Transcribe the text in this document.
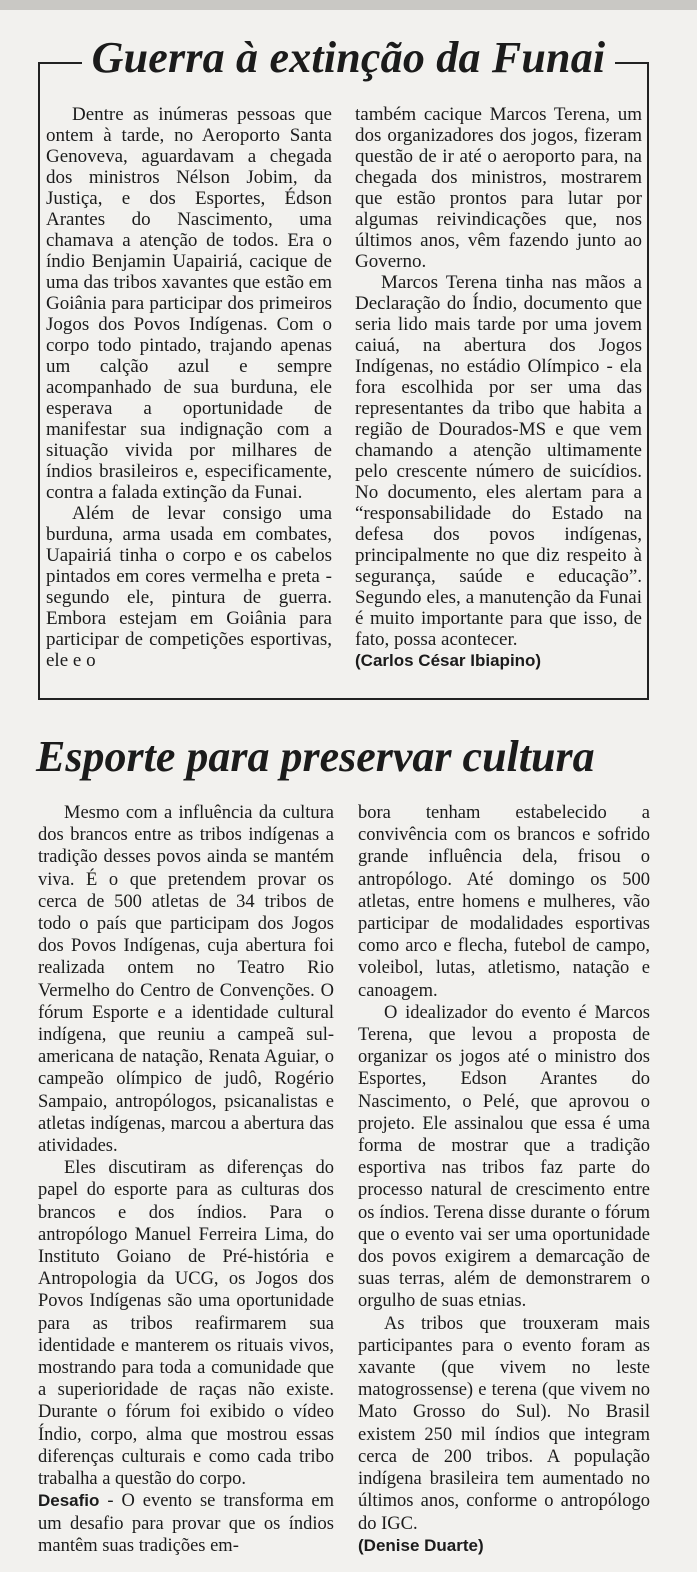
Guerra à extinção da Funai

Dentre as inúmeras pessoas que ontem à tarde, no Aeroporto Santa Genoveva, aguardavam a chegada dos ministros Nélson Jobim, da Justiça, e dos Esportes, Édson Arantes do Nascimento, uma chamava a atenção de todos. Era o índio Benjamin Uapairiá, cacique de uma das tribos xavantes que estão em Goiânia para participar dos primeiros Jogos dos Povos Indígenas. Com o corpo todo pintado, trajando apenas um calção azul e sempre acompanhado de sua burduna, ele esperava a oportunidade de manifestar sua indignação com a situação vivida por milhares de índios brasileiros e, especificamente, contra a falada extinção da Funai.

Além de levar consigo uma burduna, arma usada em combates, Uapairiá tinha o corpo e os cabelos pintados em cores vermelha e preta - segundo ele, pintura de guerra. Embora estejam em Goiânia para participar de competições esportivas, ele e o

também cacique Marcos Terena, um dos organizadores dos jogos, fizeram questão de ir até o aeroporto para, na chegada dos ministros, mostrarem que estão prontos para lutar por algumas reivindicações que, nos últimos anos, vêm fazendo junto ao Governo.

Marcos Terena tinha nas mãos a Declaração do Índio, documento que seria lido mais tarde por uma jovem caiuá, na abertura dos Jogos Indígenas, no estádio Olímpico - ela fora escolhida por ser uma das representantes da tribo que habita a região de Dourados-MS e que vem chamando a atenção ultimamente pelo crescente número de suicídios. No documento, eles alertam para a “responsabilidade do Estado na defesa dos povos indígenas, principalmente no que diz respeito à segurança, saúde e educação”. Segundo eles, a manutenção da Funai é muito importante para que isso, de fato, possa acontecer.

(Carlos César Ibiapino)

Esporte para preservar cultura

Mesmo com a influência da cultura dos brancos entre as tribos indígenas a tradição desses povos ainda se mantém viva. É o que pretendem provar os cerca de 500 atletas de 34 tribos de todo o país que participam dos Jogos dos Povos Indígenas, cuja abertura foi realizada ontem no Teatro Rio Vermelho do Centro de Convenções. O fórum Esporte e a identidade cultural indígena, que reuniu a campeã sul-americana de natação, Renata Aguiar, o campeão olímpico de judô, Rogério Sampaio, antropólogos, psicanalistas e atletas indígenas, marcou a abertura das atividades.

Eles discutiram as diferenças do papel do esporte para as culturas dos brancos e dos índios. Para o antropólogo Manuel Ferreira Lima, do Instituto Goiano de Pré-história e Antropologia da UCG, os Jogos dos Povos Indígenas são uma oportunidade para as tribos reafirmarem sua identidade e manterem os rituais vivos, mostrando para toda a comunidade que a superioridade de raças não existe. Durante o fórum foi exibido o vídeo Índio, corpo, alma que mostrou essas diferenças culturais e como cada tribo trabalha a questão do corpo.

Desafio - O evento se transforma em um desafio para provar que os índios mantêm suas tradições em-

bora tenham estabelecido a convivência com os brancos e sofrido grande influência dela, frisou o antropólogo. Até domingo os 500 atletas, entre homens e mulheres, vão participar de modalidades esportivas como arco e flecha, futebol de campo, voleibol, lutas, atletismo, natação e canoagem.

O idealizador do evento é Marcos Terena, que levou a proposta de organizar os jogos até o ministro dos Esportes, Edson Arantes do Nascimento, o Pelé, que aprovou o projeto. Ele assinalou que essa é uma forma de mostrar que a tradição esportiva nas tribos faz parte do processo natural de crescimento entre os índios. Terena disse durante o fórum que o evento vai ser uma oportunidade dos povos exigirem a demarcação de suas terras, além de demonstrarem o orgulho de suas etnias.

As tribos que trouxeram mais participantes para o evento foram as xavante (que vivem no leste matogrossense) e terena (que vivem no Mato Grosso do Sul). No Brasil existem 250 mil índios que integram cerca de 200 tribos. A população indígena brasileira tem aumentado no últimos anos, conforme o antropólogo do IGC.

(Denise Duarte)
